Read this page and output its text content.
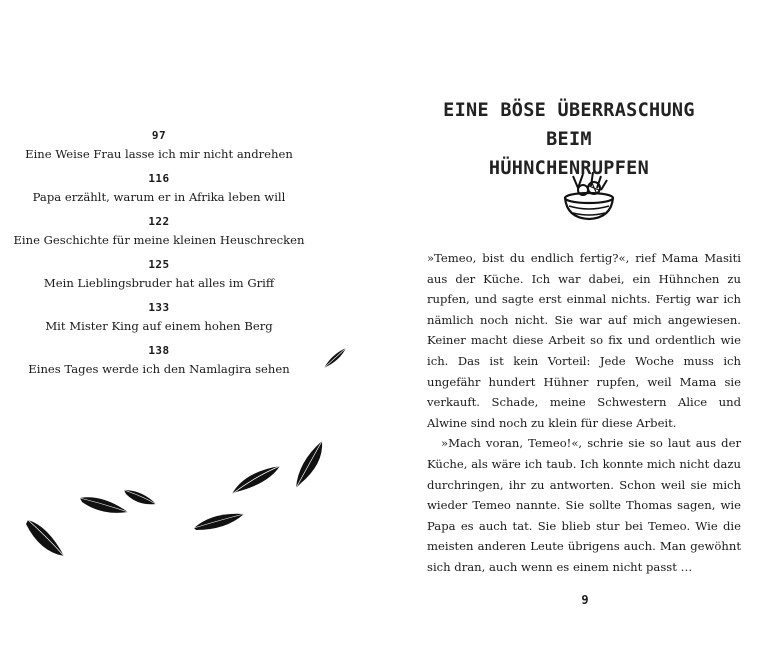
97
Eine Weise Frau lasse ich mir nicht andrehen
116
Papa erzählt, warum er in Afrika leben will
122
Eine Geschichte für meine kleinen Heuschrecken
125
Mein Lieblingsbruder hat alles im Griff
133
Mit Mister King auf einem hohen Berg
138
Eines Tages werde ich den Namlagira sehen
EINE BÖSE ÜBERRASCHUNG BEIM
HÜHNCHENRUPFEN

»Temeo, bist du endlich fertig?«, rief Mama Masiti aus der Küche. Ich war dabei, ein Hühnchen zu rupfen, und sagte erst einmal nichts. Fertig war ich nämlich noch nicht. Sie war auf mich angewiesen. Keiner macht diese Arbeit so fix und ordentlich wie ich. Das ist kein Vorteil: Jede Woche muss ich ungefähr hundert Hühner rupfen, weil Mama sie verkauft. Schade, meine Schwestern Alice und Alwine sind noch zu klein für diese Arbeit.

»Mach voran, Temeo!«, schrie sie so laut aus der Küche, als wäre ich taub. Ich konnte mich nicht dazu durchringen, ihr zu antworten. Schon weil sie mich wieder Temeo nannte. Sie sollte Thomas sagen, wie Papa es auch tat. Sie blieb stur bei Temeo. Wie die meisten anderen Leute übrigens auch. Man gewöhnt sich dran, auch wenn es einem nicht passt …

9
